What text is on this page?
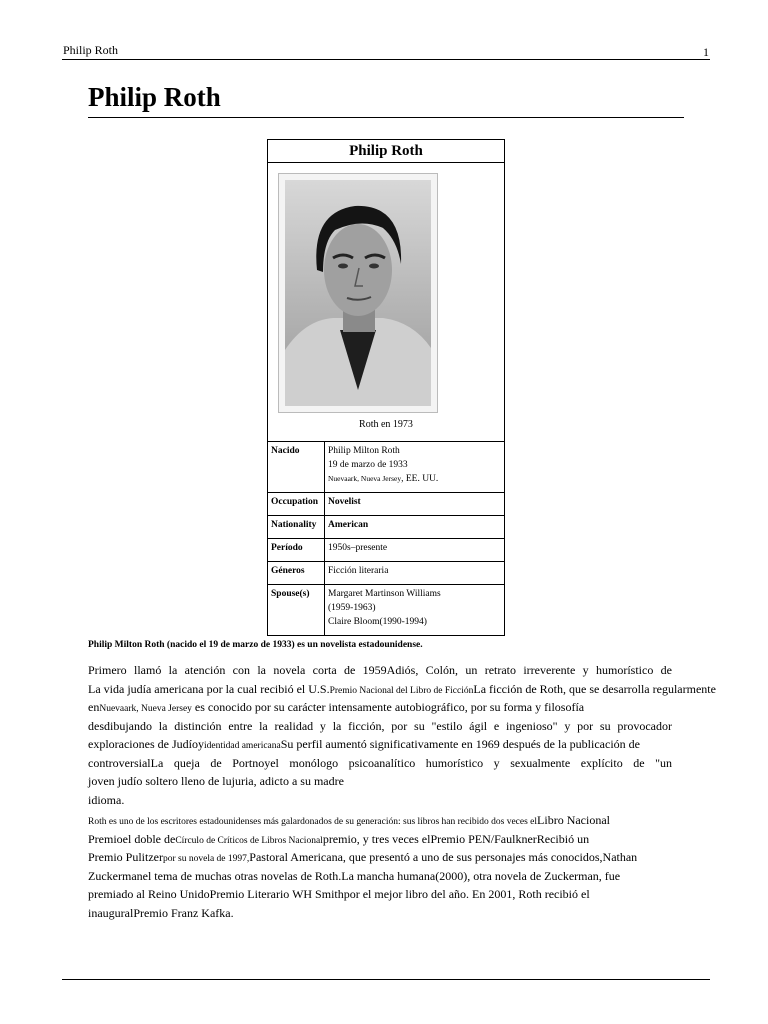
Philip Roth	1
Philip Roth
Philip Roth
Roth en 1973
Nacido	Philip Milton Roth
19 de marzo de 1933
Nuevaark, Nueva Jersey, EE. UU.
Occupation	Novelist
Nationality	American
Período	1950s–presente
Géneros	Ficción literaria
Spouse(s)	Margaret Martinson Williams
(1959-1963)
Claire Bloom(1990-1994)

Philip Milton Roth (nacido el 19 de marzo de 1933) es un novelista estadounidense.

Primero llamó la atención con la novela corta de 1959Adiós, Colón, un retrato irreverente y humorístico de
La vida judía americana por la cual recibió el U.S.Premio Nacional del Libro de FicciónLa ficción de Roth, que se desarrolla regularmente
enNuevaark, Nueva Jersey es conocido por su carácter intensamente autobiográfico, por su forma y filosofía
desdibujando la distinción entre la realidad y la ficción, por su "estilo ágil e ingenioso" y por su provocador
exploraciones de Judíoyidentidad americanaSu perfil aumentó significativamente en 1969 después de la publicación de
controversialLa queja de Portnoyel monólogo psicoanalítico humorístico y sexualmente explícito de "un
joven judío soltero lleno de lujuria, adicto a su madre
idioma.
Roth es uno de los escritores estadounidenses más galardonados de su generación: sus libros han recibido dos veces elLibro Nacional
Premioel doble deCírculo de Críticos de Libros Nacionalpremio, y tres veces elPremio PEN/FaulknerRecibió un
Premio Pulitzerpor su novela de 1997,Pastoral Americana, que presentó a uno de sus personajes más conocidos,Nathan
Zuckermanel tema de muchas otras novelas de Roth.La mancha humana(2000), otra novela de Zuckerman, fue
premiado al Reino UnidoPremio Literario WH Smithpor el mejor libro del año. En 2001, Roth recibió el
inauguralPremio Franz Kafka.
